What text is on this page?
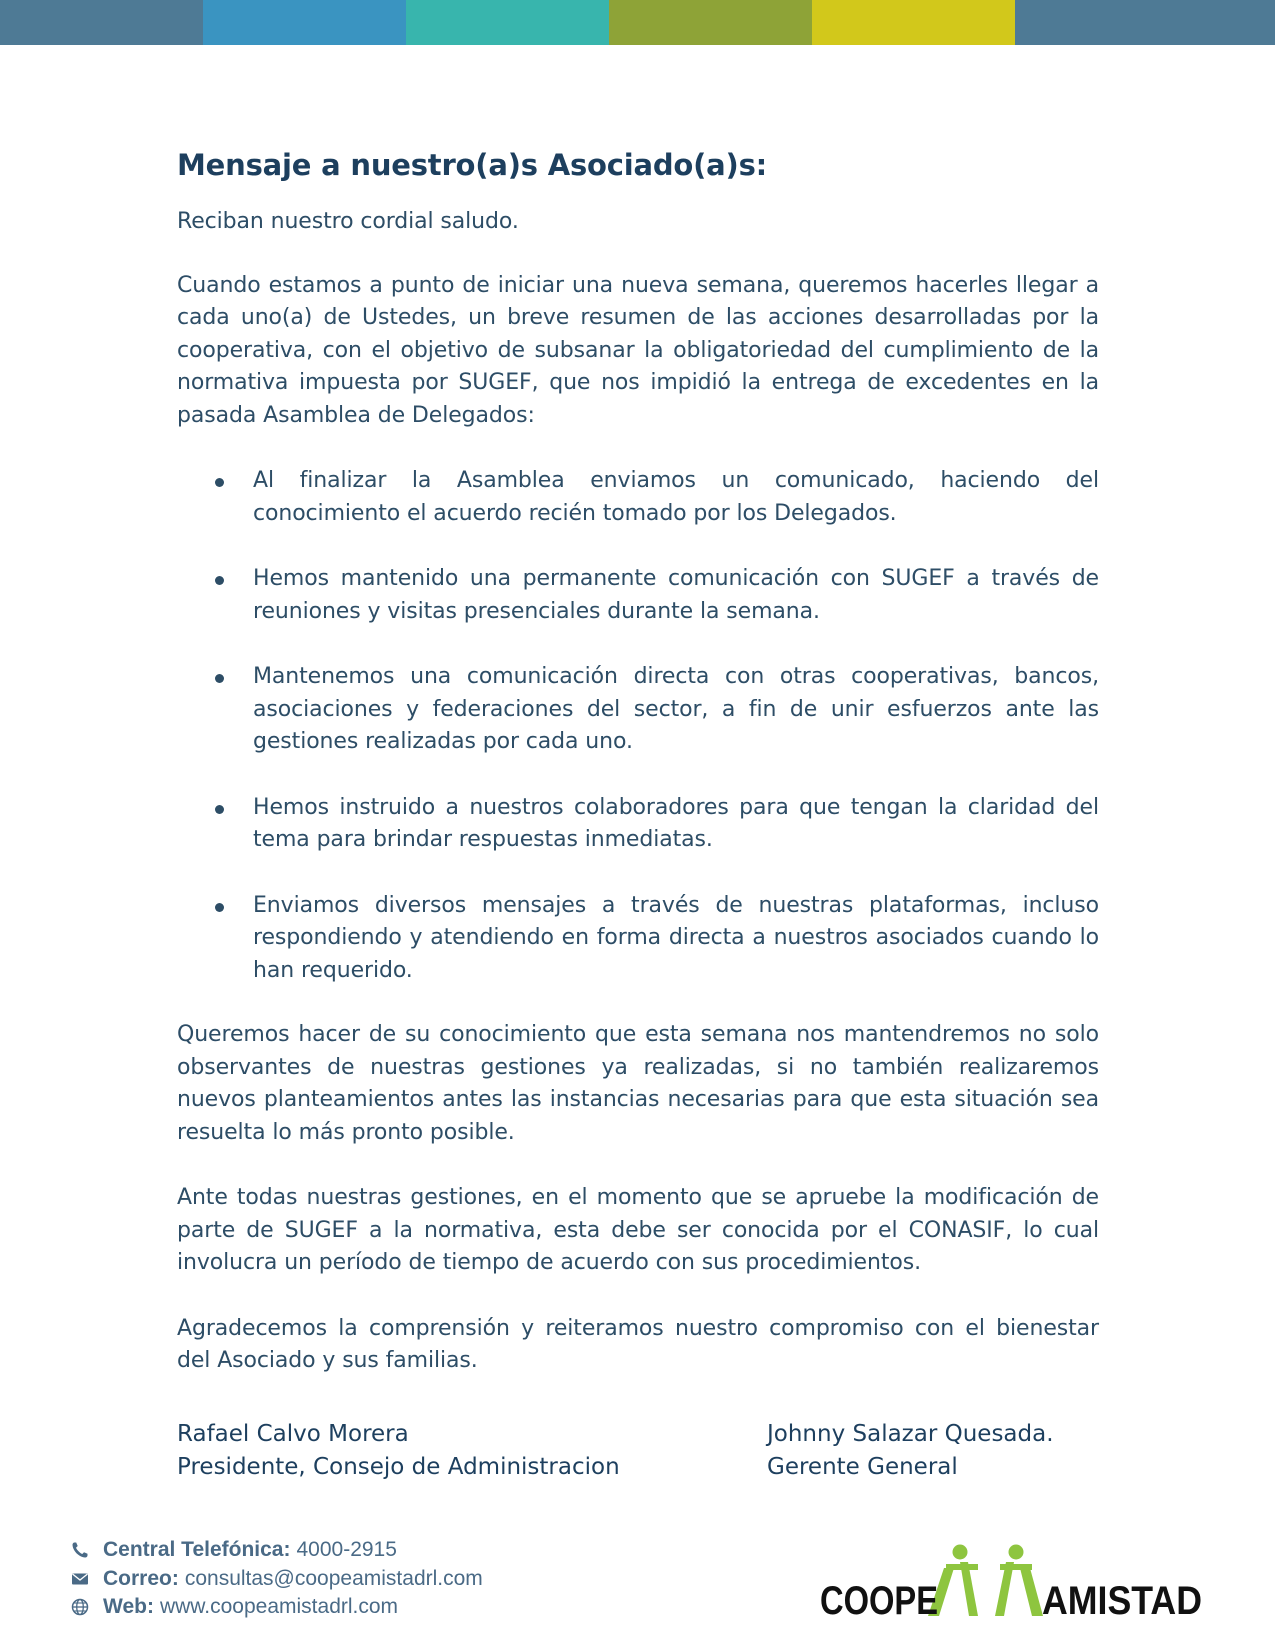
Mensaje a nuestro(a)s Asociado(a)s:

Reciban nuestro cordial saludo.

Cuando estamos a punto de iniciar una nueva semana, queremos hacerles llegar a cada uno(a) de Ustedes, un breve resumen de las acciones desarrolladas por la cooperativa, con el objetivo de subsanar la obligatoriedad del cumplimiento de la normativa impuesta por SUGEF, que nos impidió la entrega de excedentes en la pasada Asamblea de Delegados:

Al finalizar la Asamblea enviamos un comunicado, haciendo del conocimiento el acuerdo recién tomado por los Delegados.
Hemos mantenido una permanente comunicación con SUGEF a través de reuniones y visitas presenciales durante la semana.
Mantenemos una comunicación directa con otras cooperativas, bancos, asociaciones y federaciones del sector, a fin de unir esfuerzos ante las gestiones realizadas por cada uno.
Hemos instruido a nuestros colaboradores para que tengan la claridad del tema para brindar respuestas inmediatas.
Enviamos diversos mensajes a través de nuestras plataformas, incluso respondiendo y atendiendo en forma directa a nuestros asociados cuando lo han requerido.

Queremos hacer de su conocimiento que esta semana nos mantendremos no solo observantes de nuestras gestiones ya realizadas, si no también realizaremos nuevos planteamientos antes las instancias necesarias para que esta situación sea resuelta lo más pronto posible.

Ante todas nuestras gestiones, en el momento que se apruebe la modificación de parte de SUGEF a la normativa, esta debe ser conocida por el CONASIF, lo cual involucra un período de tiempo de acuerdo con sus procedimientos.

Agradecemos la comprensión y reiteramos nuestro compromiso con el bienestar del Asociado y sus familias.

Rafael Calvo Morera
Presidente, Consejo de Administracion
Johnny Salazar Quesada.
Gerente General
Central Telefónica: 4000-2915
Correo: consultas@coopeamistadrl.com
Web: www.coopeamistadrl.com	COOPE	AMISTAD
